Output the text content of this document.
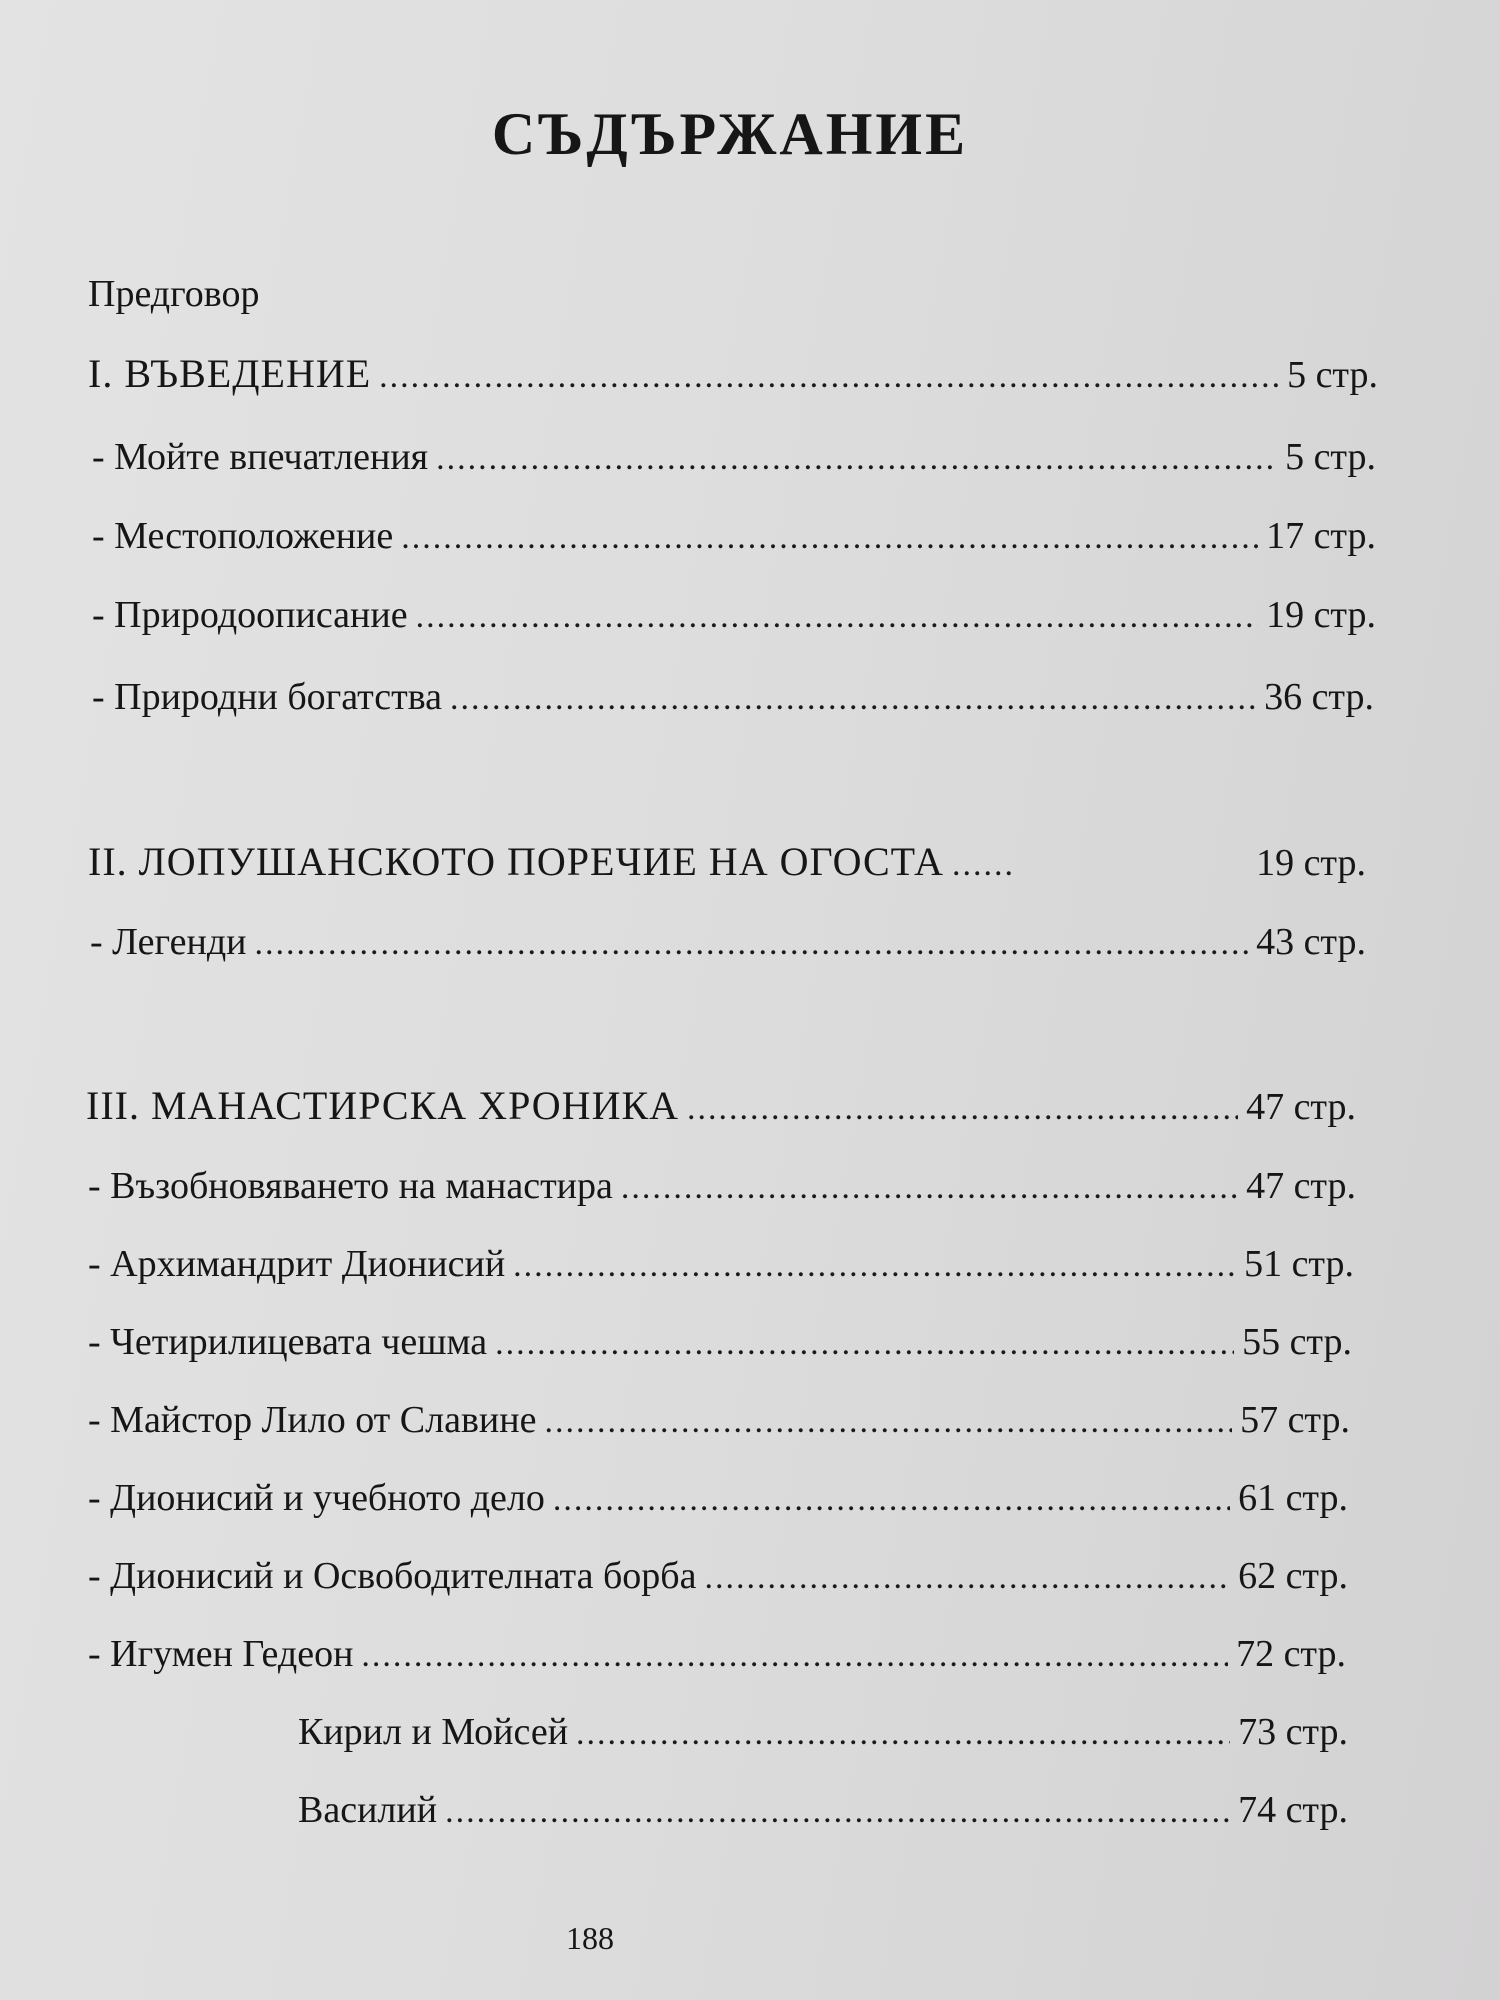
СЪДЪРЖАНИЕ
Предговор
I. ВЪВЕДЕНИЕ .....	5 стр.
- Мойте впечатления .....	5 стр.
- Местоположение .....	17 стр.
- Природоописание .....	19 стр.
- Природни богатства .....	36 стр.
II. ЛОПУШАНСКОТО ПОРЕЧИЕ НА ОГОСТА .....	19 стр.
- Легенди .....	43 стр.
III. МАНАСТИРСКА ХРОНИКА .....	47 стр.
- Възобновяването на манастира .....	47 стр.
- Архимандрит Дионисий .....	51 стр.
- Четирилицевата чешма .....	55 стр.
- Майстор Лило от Славине .....	57 стр.
- Дионисий и учебното дело .....	61 стр.
- Дионисий и Освободителната борба .....	62 стр.
- Игумен Гедеон .....	72 стр.
Кирил и Мойсей .....	73 стр.
Василий .....	74 стр.
188
